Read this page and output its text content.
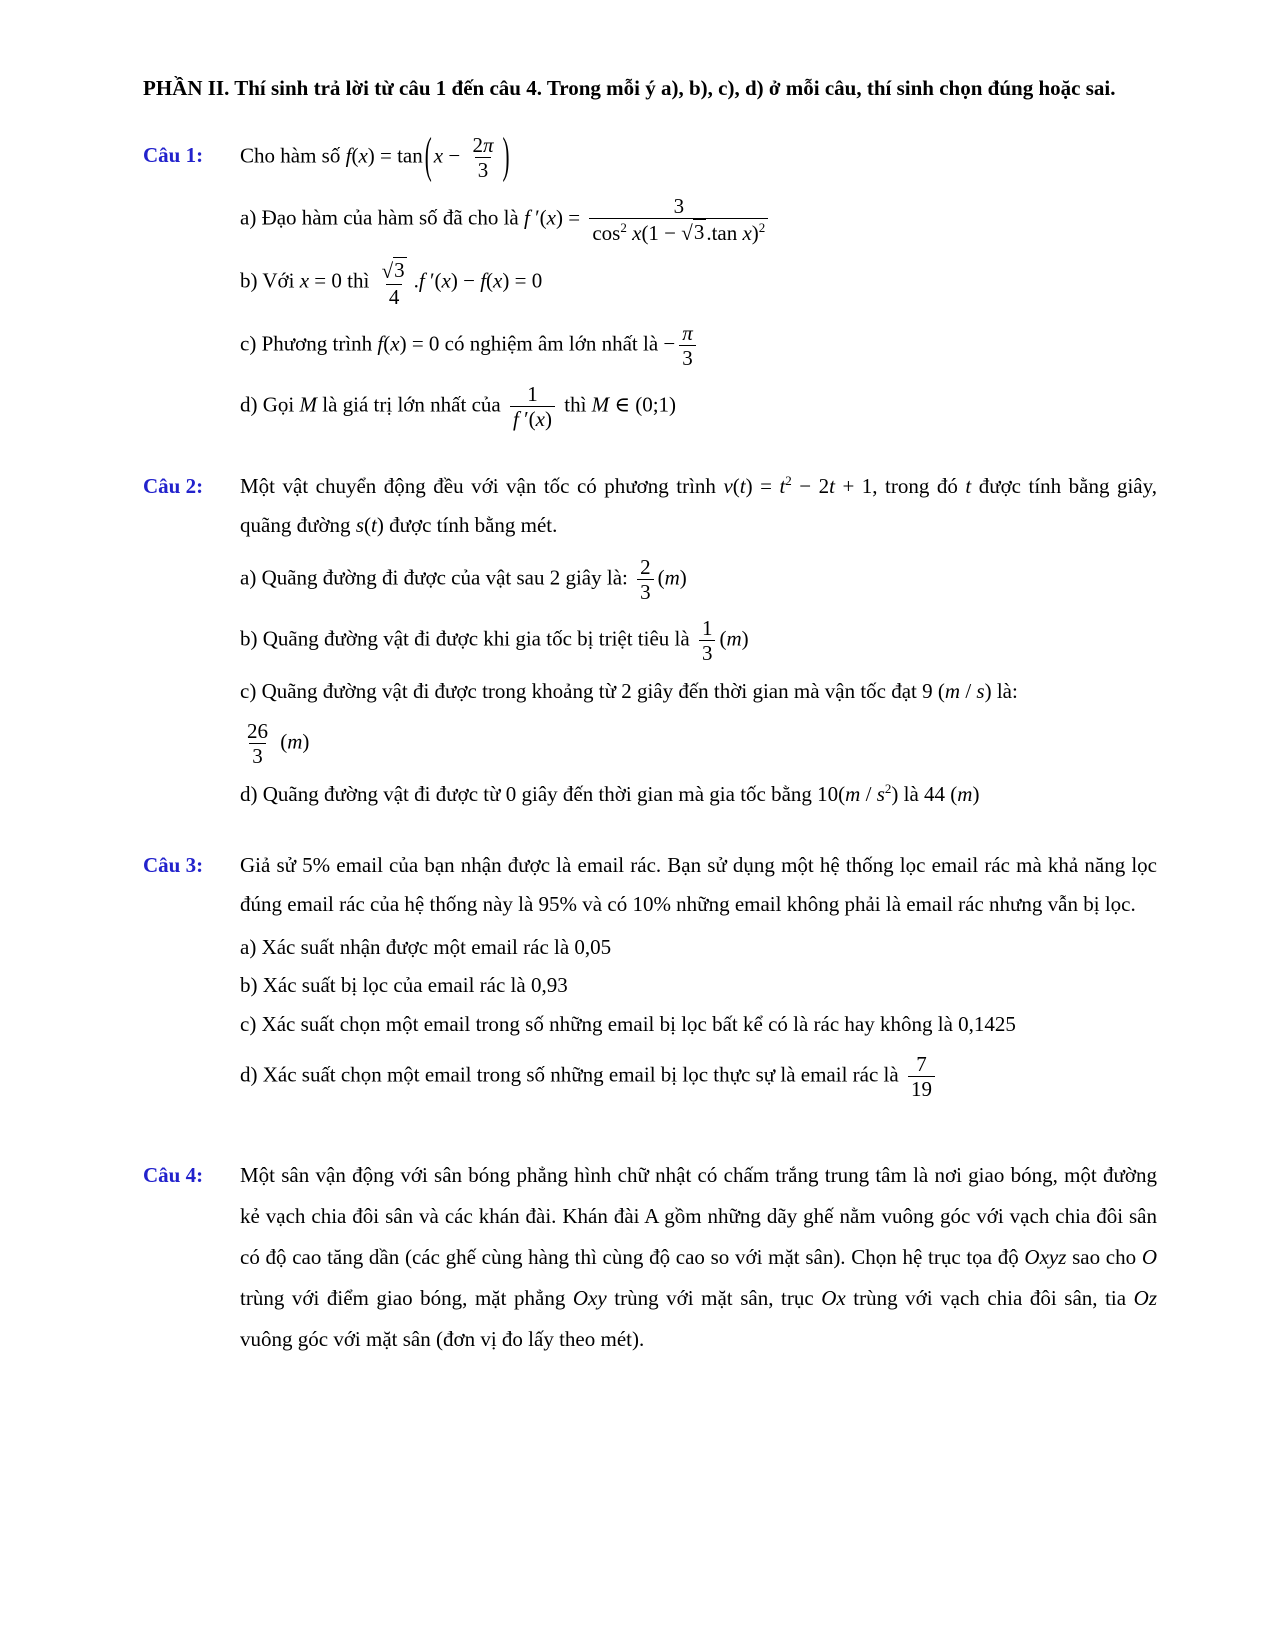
PHẦN II. Thí sinh trả lời từ câu 1 đến câu 4. Trong mỗi ý a), b), c), d) ở mỗi câu, thí sinh chọn đúng hoặc sai.

Câu 1:	Cho hàm số f(x) = tan ( $x - \frac{2\pi}{3}$ )
a) Đạo hàm của hàm số đã cho là f $'(x) = \frac{3}{\cos^2 x(1 - √ 3 .\tan x)^2}$
b) Với x = 0 thì $\frac{√ 3}{4} .f$ ′(x) − f(x) = 0
c) Phương trình f(x) = 0 có nghiệm âm lớn nhất là − $\frac{\pi}{3}$
d) Gọi M là giá trị lớn nhất của $\frac{1}{f '(x)}$ thì M ∈ (0;1)
Câu 2:	Một vật chuyển động đều với vận tốc có phương trình $v(t) = t^2 - 2t + 1$, trong đó t được tính bằng giây, quãng đường s(t) được tính bằng mét.
a) Quãng đường đi được của vật sau 2 giây là: $\frac{2}{3} (m)$
b) Quãng đường vật đi được khi gia tốc bị triệt tiêu là $\frac{1}{3} (m)$
c) Quãng đường vật đi được trong khoảng từ 2 giây đến thời gian mà vận tốc đạt 9 (m / s) là:
$\frac{26}{3} (m)$
d) Quãng đường vật đi được từ 0 giây đến thời gian mà gia tốc bằng $10(m / s^2)$ là 44 (m)
Câu 3:	Giả sử 5% email của bạn nhận được là email rác. Bạn sử dụng một hệ thống lọc email rác mà khả năng lọc đúng email rác của hệ thống này là 95% và có 10% những email không phải là email rác nhưng vẫn bị lọc.
a) Xác suất nhận được một email rác là 0,05
b) Xác suất bị lọc của email rác là 0,93
c) Xác suất chọn một email trong số những email bị lọc bất kể có là rác hay không là 0,1425
d) Xác suất chọn một email trong số những email bị lọc thực sự là email rác là $\frac{7}{19}$
Câu 4:	Một sân vận động với sân bóng phẳng hình chữ nhật có chấm trắng trung tâm là nơi giao bóng, một đường kẻ vạch chia đôi sân và các khán đài. Khán đài A gồm những dãy ghế nằm vuông góc với vạch chia đôi sân có độ cao tăng dần (các ghế cùng hàng thì cùng độ cao so với mặt sân). Chọn hệ trục tọa độ Oxyz sao cho O trùng với điểm giao bóng, mặt phẳng Oxy trùng với mặt sân, trục Ox trùng với vạch chia đôi sân, tia Oz vuông góc với mặt sân (đơn vị đo lấy theo mét).
